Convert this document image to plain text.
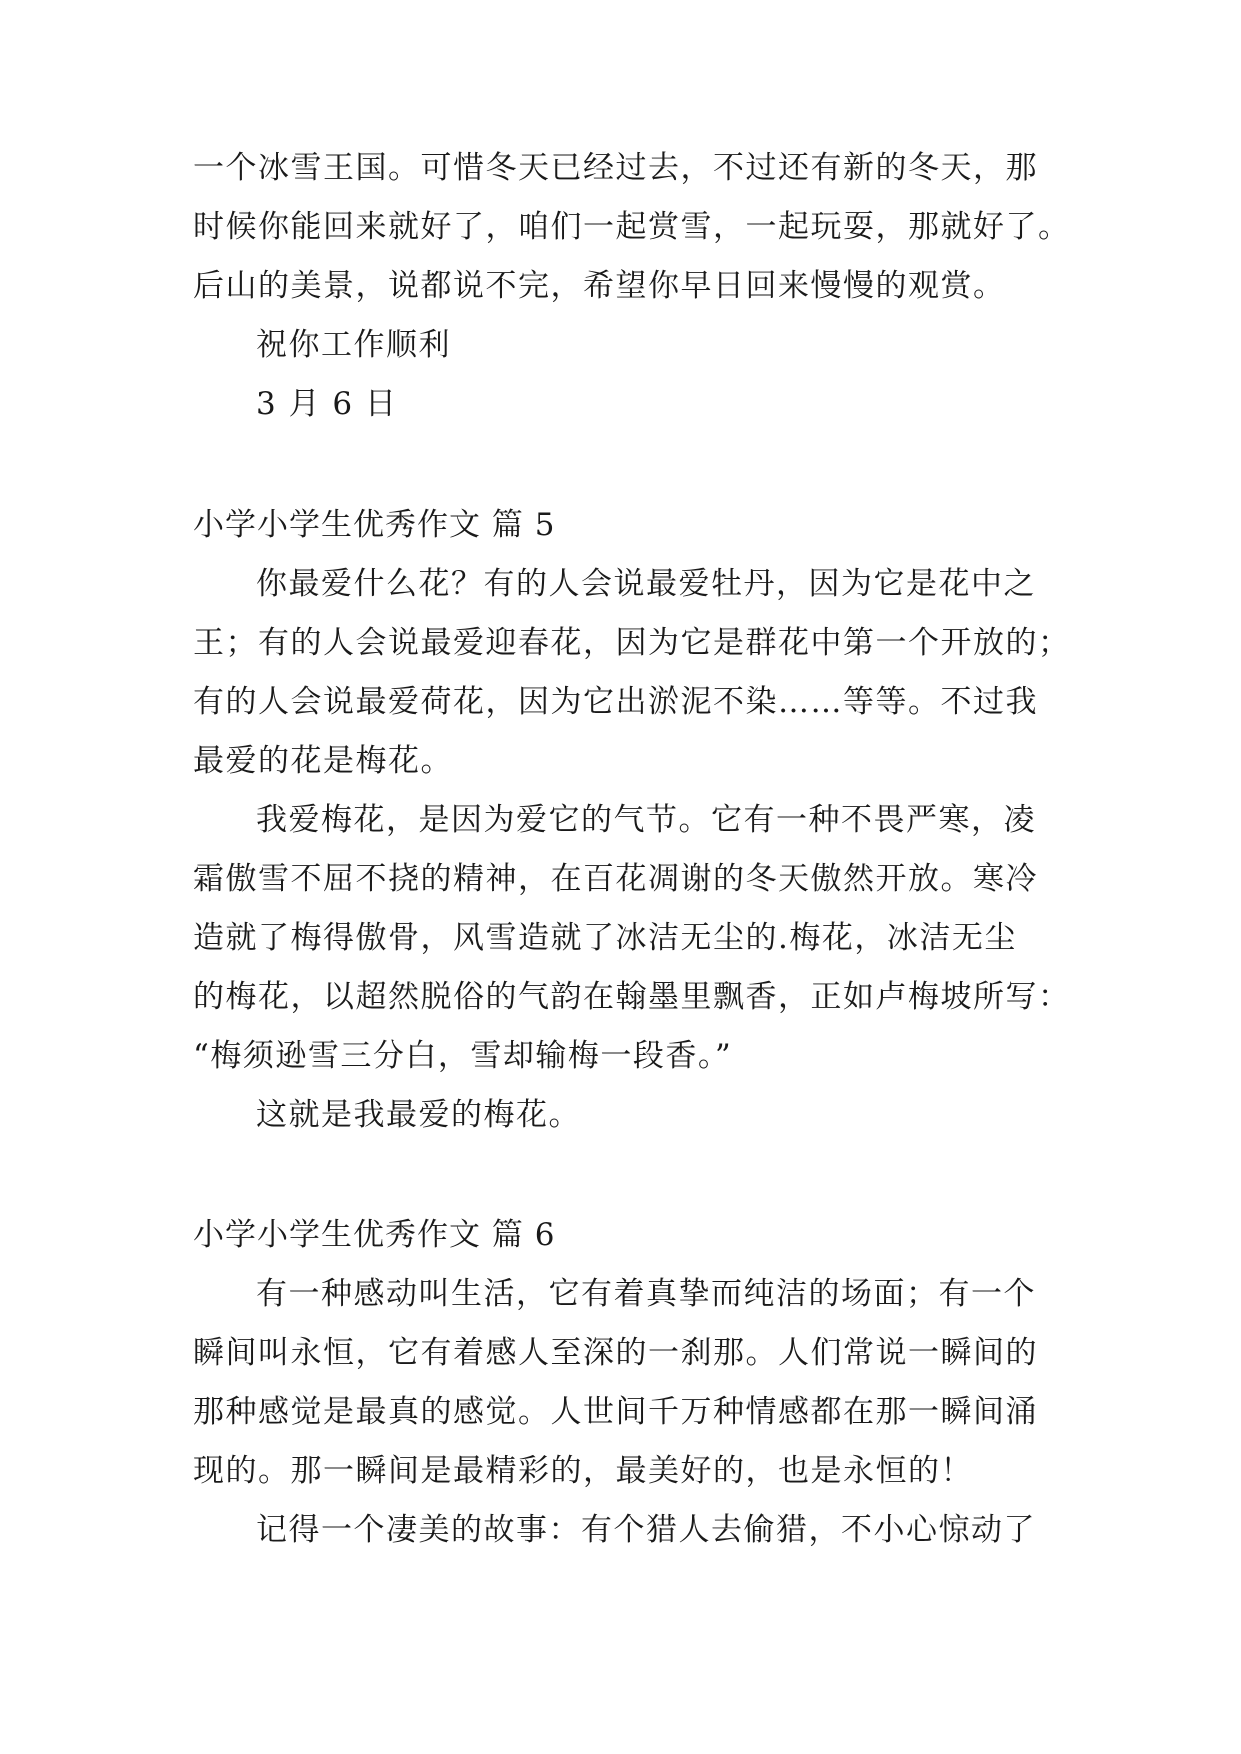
一个冰雪王国。可惜冬天已经过去，不过还有新的冬天，那
时候你能回来就好了，咱们一起赏雪，一起玩耍，那就好了。
后山的美景，说都说不完，希望你早日回来慢慢的观赏。
祝你工作顺利
3 月 6 日
小学小学生优秀作文 篇 5
你最爱什么花？有的人会说最爱牡丹，因为它是花中之
王；有的人会说最爱迎春花，因为它是群花中第一个开放的；
有的人会说最爱荷花，因为它出淤泥不染……等等。不过我
最爱的花是梅花。
我爱梅花，是因为爱它的气节。它有一种不畏严寒，凌
霜傲雪不屈不挠的精神，在百花凋谢的冬天傲然开放。寒冷
造就了梅得傲骨，风雪造就了冰洁无尘的.梅花，冰洁无尘
的梅花，以超然脱俗的气韵在翰墨里飘香，正如卢梅坡所写：
“梅须逊雪三分白，雪却输梅一段香。”
这就是我最爱的梅花。
小学小学生优秀作文 篇 6
有一种感动叫生活，它有着真挚而纯洁的场面；有一个
瞬间叫永恒，它有着感人至深的一刹那。人们常说一瞬间的
那种感觉是最真的感觉。人世间千万种情感都在那一瞬间涌
现的。那一瞬间是最精彩的，最美好的，也是永恒的！
记得一个凄美的故事：有个猎人去偷猎，不小心惊动了
